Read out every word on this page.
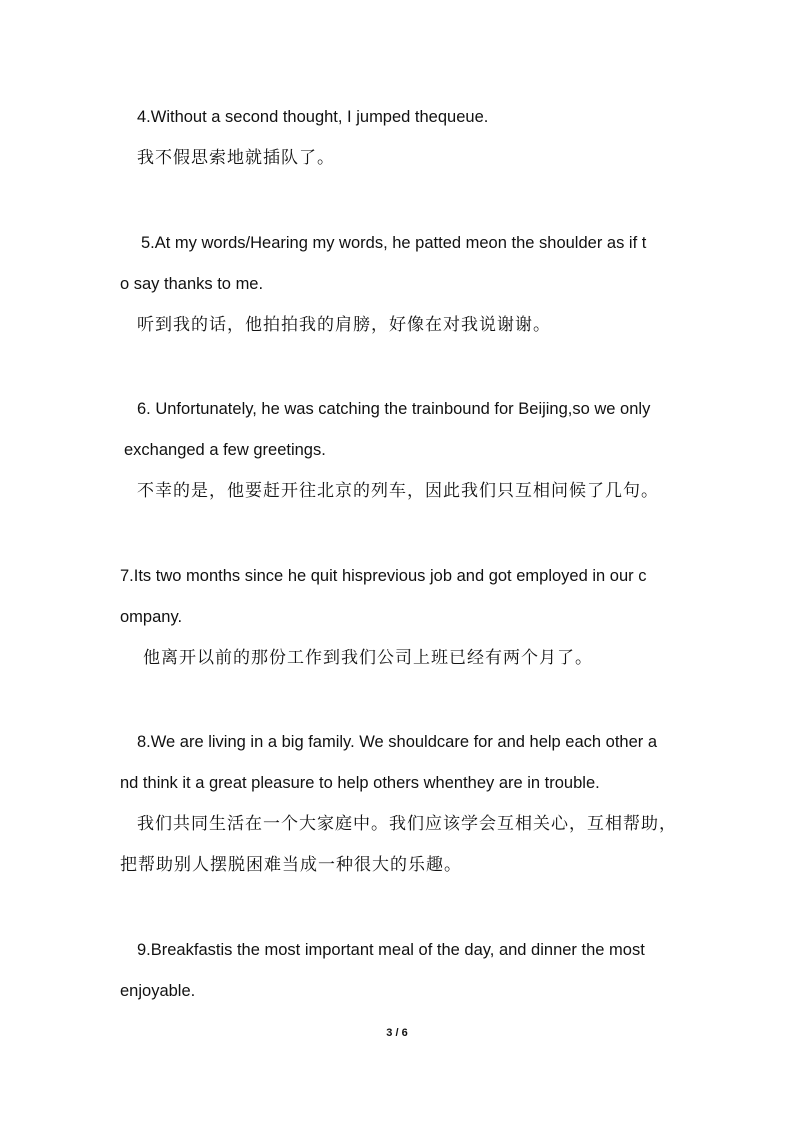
4.Without a second thought, I jumped thequeue.
我不假思索地就插队了。
5.At my words/Hearing my words, he patted meon the shoulder as if t
o say thanks to me.
听到我的话，他拍拍我的肩膀，好像在对我说谢谢。
6. Unfortunately, he was catching the trainbound for Beijing,so we only
exchanged a few greetings.
不幸的是，他要赶开往北京的列车，因此我们只互相问候了几句。
7.Its two months since he quit hisprevious job and got employed in our c
ompany.
他离开以前的那份工作到我们公司上班已经有两个月了。
8.We are living in a big family. We shouldcare for and help each other a
nd think it a great pleasure to help others whenthey are in trouble.
我们共同生活在一个大家庭中。我们应该学会互相关心，互相帮助，
把帮助别人摆脱困难当成一种很大的乐趣。
9.Breakfastis the most important meal of the day, and dinner the most
enjoyable.
3 / 6
